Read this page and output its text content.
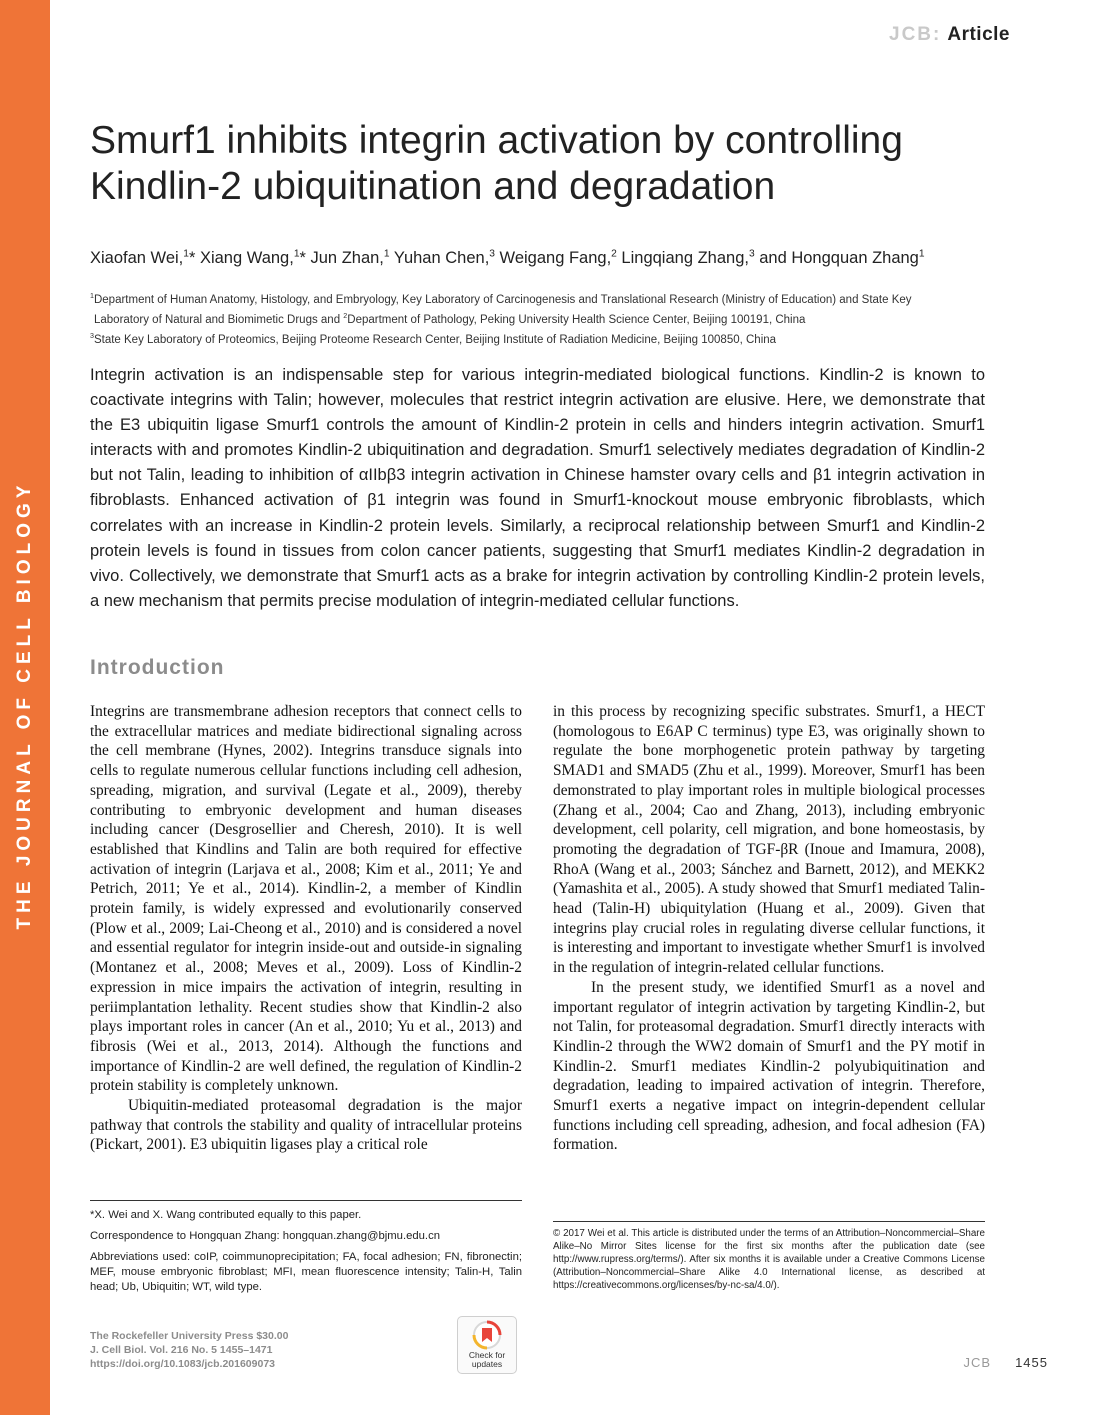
THE JOURNAL OF CELL BIOLOGY
JCB: Article
Smurf1 inhibits integrin activation by controlling
Kindlin-2 ubiquitination and degradation
Xiaofan Wei,$^1$* Xiang Wang,$^1$* Jun Zhan,$^1$ Yuhan Chen,$^3$ Weigang Fang,$^2$ Lingqiang Zhang,$^3$ and Hongquan Zhang$^1$
$^1$Department of Human Anatomy, Histology, and Embryology, Key Laboratory of Carcinogenesis and Translational Research (Ministry of Education) and State Key
Laboratory of Natural and Biomimetic Drugs and $^2$Department of Pathology, Peking University Health Science Center, Beijing 100191, China
$^3$State Key Laboratory of Proteomics, Beijing Proteome Research Center, Beijing Institute of Radiation Medicine, Beijing 100850, China
Integrin activation is an indispensable step for various integrin-mediated biological functions. Kindlin-2 is known to coactivate integrins with Talin; however, molecules that restrict integrin activation are elusive. Here, we demonstrate that the E3 ubiquitin ligase Smurf1 controls the amount of Kindlin-2 protein in cells and hinders integrin activation. Smurf1 interacts with and promotes Kindlin-2 ubiquitination and degradation. Smurf1 selectively mediates degradation of Kindlin-2 but not Talin, leading to inhibition of αIIbβ3 integrin activation in Chinese hamster ovary cells and β1 integrin activation in fibroblasts. Enhanced activation of β1 integrin was found in Smurf1-knockout mouse embryonic fibroblasts, which correlates with an increase in Kindlin-2 protein levels. Similarly, a reciprocal relationship between Smurf1 and Kindlin-2 protein levels is found in tissues from colon cancer patients, suggesting that Smurf1 mediates Kindlin-2 degradation in vivo. Collectively, we demonstrate that Smurf1 acts as a brake for integrin activation by controlling Kindlin-2 protein levels, a new mechanism that permits precise modulation of integrin-mediated cellular functions.
Introduction

Integrins are transmembrane adhesion receptors that connect cells to the extracellular matrices and mediate bidirectional signaling across the cell membrane (Hynes, 2002). Integrins transduce signals into cells to regulate numerous cellular functions including cell adhesion, spreading, migration, and survival (Legate et al., 2009), thereby contributing to embryonic development and human diseases including cancer (Desgrosellier and Cheresh, 2010). It is well established that Kindlins and Talin are both required for effective activation of integrin (Larjava et al., 2008; Kim et al., 2011; Ye and Petrich, 2011; Ye et al., 2014). Kindlin-2, a member of Kindlin protein family, is widely expressed and evolutionarily conserved (Plow et al., 2009; Lai-Cheong et al., 2010) and is considered a novel and essential regulator for integrin inside-out and outside-in signaling (Montanez et al., 2008; Meves et al., 2009). Loss of Kindlin-2 expression in mice impairs the activation of integrin, resulting in periimplantation lethality. Recent studies show that Kindlin-2 also plays important roles in cancer (An et al., 2010; Yu et al., 2013) and fibrosis (Wei et al., 2013, 2014). Although the functions and importance of Kindlin-2 are well defined, the regulation of Kindlin-2 protein stability is completely unknown.

Ubiquitin-mediated proteasomal degradation is the major pathway that controls the stability and quality of intracellular proteins (Pickart, 2001). E3 ubiquitin ligases play a critical role

in this process by recognizing specific substrates. Smurf1, a HECT (homologous to E6AP C terminus) type E3, was originally shown to regulate the bone morphogenetic protein pathway by targeting SMAD1 and SMAD5 (Zhu et al., 1999). Moreover, Smurf1 has been demonstrated to play important roles in multiple biological processes (Zhang et al., 2004; Cao and Zhang, 2013), including embryonic development, cell polarity, cell migration, and bone homeostasis, by promoting the degradation of TGF-βR (Inoue and Imamura, 2008), RhoA (Wang et al., 2003; Sánchez and Barnett, 2012), and MEKK2 (Yamashita et al., 2005). A study showed that Smurf1 mediated Talin-head (Talin-H) ubiquitylation (Huang et al., 2009). Given that integrins play crucial roles in regulating diverse cellular functions, it is interesting and important to investigate whether Smurf1 is involved in the regulation of integrin-related cellular functions.

In the present study, we identified Smurf1 as a novel and important regulator of integrin activation by targeting Kindlin-2, but not Talin, for proteasomal degradation. Smurf1 directly interacts with Kindlin-2 through the WW2 domain of Smurf1 and the PY motif in Kindlin-2. Smurf1 mediates Kindlin-2 polyubiquitination and degradation, leading to impaired activation of integrin. Therefore, Smurf1 exerts a negative impact on integrin-dependent cellular functions including cell spreading, adhesion, and focal adhesion (FA) formation.

*X. Wei and X. Wang contributed equally to this paper.

Correspondence to Hongquan Zhang: hongquan.zhang@bjmu.edu.cn

Abbreviations used: coIP, coimmunoprecipitation; FA, focal adhesion; FN, fibronectin; MEF, mouse embryonic fibroblast; MFI, mean fluorescence intensity; Talin-H, Talin head; Ub, Ubiquitin; WT, wild type.

© 2017 Wei et al. This article is distributed under the terms of an Attribution–Noncommercial–Share Alike–No Mirror Sites license for the first six months after the publication date (see http://www.rupress.org/terms/). After six months it is available under a Creative Commons License (Attribution–Noncommercial–Share Alike 4.0 International license, as described at https://creativecommons.org/licenses/by-nc-sa/4.0/).
The Rockefeller University Press $30.00
J. Cell Biol. Vol. 216 No. 5 1455–1471
https://doi.org/10.1083/jcb.201609073
Check for
updates	JCB 1455
